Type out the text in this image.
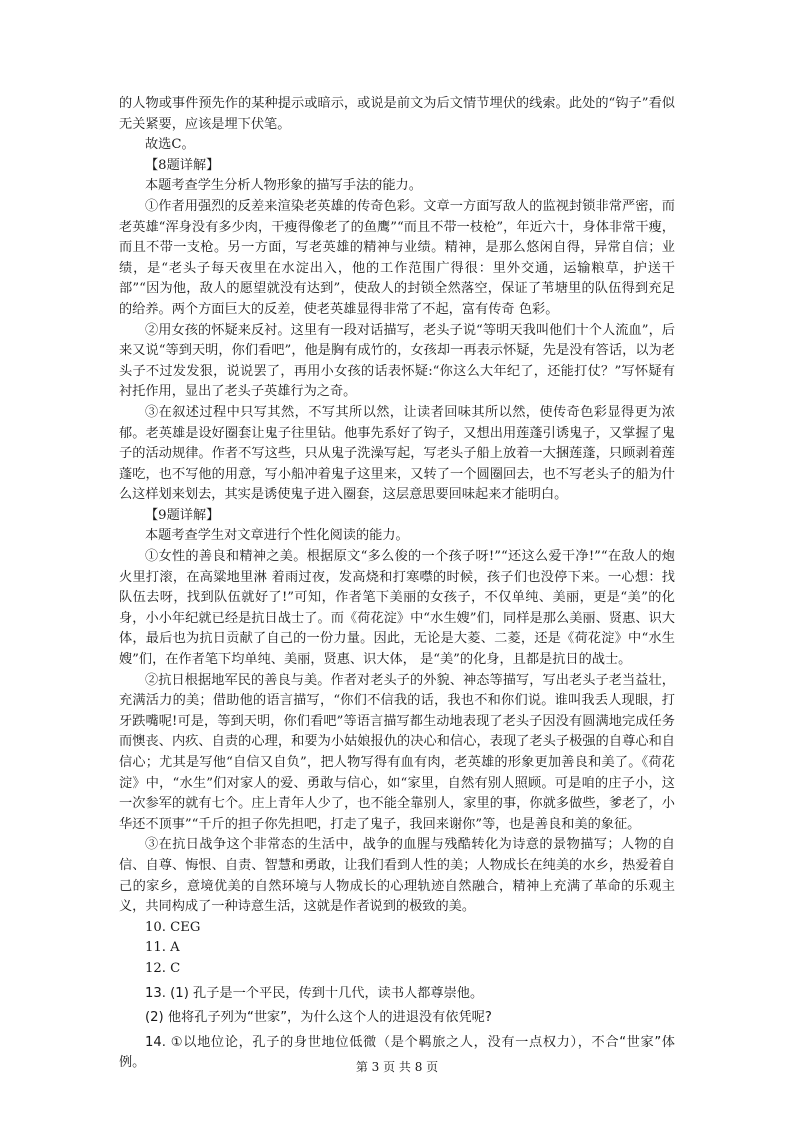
的人物或事件预先作的某种提示或暗示，或说是前文为后文情节埋伏的线索。此处的“钩子”看似无关紧要，应该是埋下伏笔。

故选C。

【8题详解】

本题考查学生分析人物形象的描写手法的能力。

①作者用强烈的反差来渲染老英雄的传奇色彩。文章一方面写敌人的监视封锁非常严密，而老英雄“浑身没有多少肉，干瘦得像老了的鱼鹰”“而且不带一枝枪”，年近六十，身体非常干瘦，而且不带一支枪。另一方面，写老英雄的精神与业绩。精神，是那么悠闲自得，异常自信；业绩，是“老头子每天夜里在水淀出入，他的工作范围广得很：里外交通，运输粮草，护送干部”“因为他，敌人的愿望就没有达到”，使敌人的封锁全然落空，保证了苇塘里的队伍得到充足的给养。两个方面巨大的反差，使老英雄显得非常了不起，富有传奇 色彩。

②用女孩的怀疑来反衬。这里有一段对话描写，老头子说“等明天我叫他们十个人流血”，后来又说“等到天明，你们看吧”，他是胸有成竹的，女孩却一再表示怀疑，先是没有答话，以为老头子不过发发狠，说说罢了，再用小女孩的话表怀疑:“你这么大年纪了，还能打仗？”写怀疑有衬托作用，显出了老头子英雄行为之奇。

③在叙述过程中只写其然，不写其所以然，让读者回味其所以然，使传奇色彩显得更为浓郁。老英雄是设好圈套让鬼子往里钻。他事先系好了钩子，又想出用莲蓬引诱鬼子，又掌握了鬼子的活动规律。作者不写这些，只从鬼子洗澡写起，写老头子船上放着一大捆莲蓬，只顾剥着莲蓬吃，也不写他的用意，写小船冲着鬼子这里来，又转了一个圆圈回去，也不写老头子的船为什么这样划来划去，其实是诱使鬼子进入圈套，这层意思要回味起来才能明白。

【9题详解】

本题考查学生对文章进行个性化阅读的能力。

①女性的善良和精神之美。根据原文“多么俊的一个孩子呀!”“还这么爱干净!”“在敌人的炮火里打滚，在高粱地里淋 着雨过夜，发高烧和打寒噤的时候，孩子们也没停下来。一心想：找队伍去呀，找到队伍就好了!”可知，作者笔下美丽的女孩子，不仅单纯、美丽，更是“美”的化身，小小年纪就已经是抗日战士了。而《荷花淀》中“水生嫂”们，同样是那么美丽、贤惠、识大体，最后也为抗日贡献了自己的一份力量。因此，无论是大菱、二菱，还是《荷花淀》中“水生嫂”们，在作者笔下均单纯、美丽，贤惠、识大体， 是“美”的化身，且都是抗日的战士。

②抗日根据地军民的善良与美。作者对老头子的外貌、神态等描写，写出老头子老当益壮，充满活力的美；借助他的语言描写，“你们不信我的话，我也不和你们说。谁叫我丢人现眼，打牙跌嘴呢!可是，等到天明，你们看吧”等语言描写都生动地表现了老头子因没有圆满地完成任务而懊丧、内疚、自责的心理，和要为小姑娘报仇的决心和信心，表现了老头子极强的自尊心和自信心；尤其是写他“自信又自负”，把人物写得有血有肉，老英雄的形象更加善良和美了。《荷花淀》中，“水生”们对家人的爱、勇敢与信心，如“家里，自然有别人照顾。可是咱的庄子小，这一次参军的就有七个。庄上青年人少了，也不能全靠别人，家里的事，你就多做些，爹老了，小华还不顶事”“千斤的担子你先担吧，打走了鬼子，我回来谢你”等，也是善良和美的象征。

③在抗日战争这个非常态的生活中，战争的血腥与残酷转化为诗意的景物描写；人物的自信、自尊、悔恨、自责、智慧和勇敢，让我们看到人性的美；人物成长在纯美的水乡，热爱着自己的家乡，意境优美的自然环境与人物成长的心理轨迹自然融合，精神上充满了革命的乐观主义，共同构成了一种诗意生活，这就是作者说到的极致的美。

10. CEG

11. A

12. C

13. (1) 孔子是一个平民，传到十几代，读书人都尊崇他。

(2) 他将孔子列为“世家”，为什么这个人的进退没有依凭呢?

14. ①以地位论，孔子的身世地位低微（是个羁旅之人，没有一点权力），不合“世家”体例。	第 3 页 共 8 页
